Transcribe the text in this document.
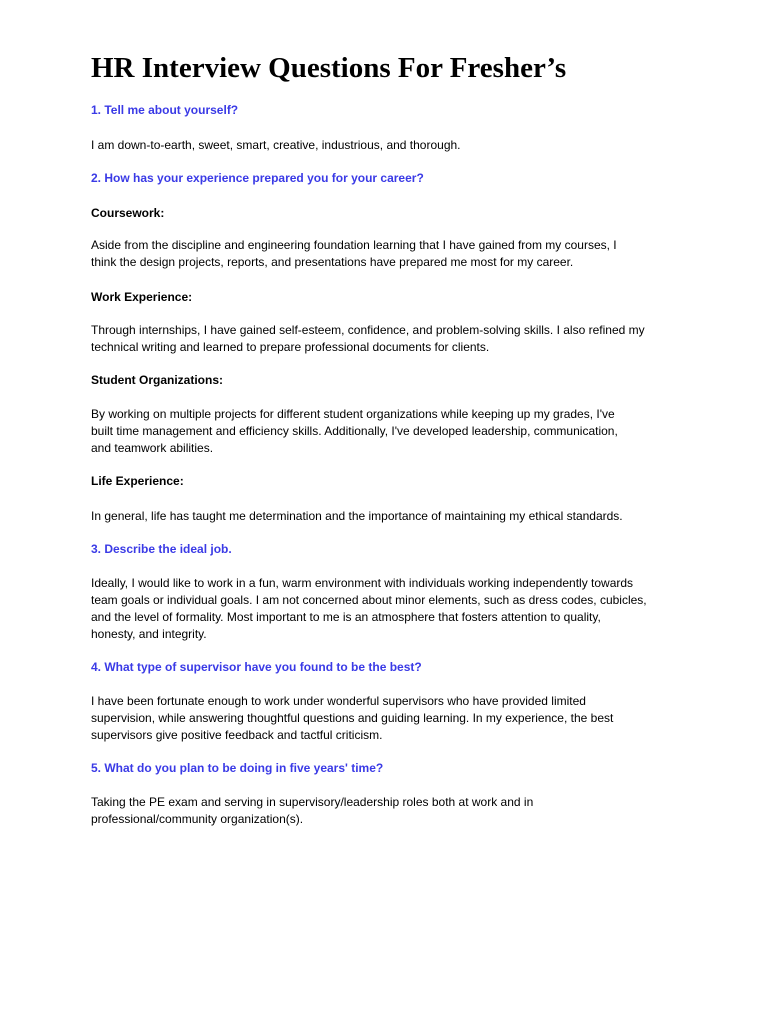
HR Interview Questions For Fresher’s

1. Tell me about yourself?

I am down-to-earth, sweet, smart, creative, industrious, and thorough.

2. How has your experience prepared you for your career?

Coursework:

Aside from the discipline and engineering foundation learning that I have gained from my courses, I
think the design projects, reports, and presentations have prepared me most for my career.

Work Experience:

Through internships, I have gained self-esteem, confidence, and problem-solving skills. I also refined my
technical writing and learned to prepare professional documents for clients.

Student Organizations:

By working on multiple projects for different student organizations while keeping up my grades, I've
built time management and efficiency skills. Additionally, I've developed leadership, communication,
and teamwork abilities.

Life Experience:

In general, life has taught me determination and the importance of maintaining my ethical standards.

3. Describe the ideal job.

Ideally, I would like to work in a fun, warm environment with individuals working independently towards
team goals or individual goals. I am not concerned about minor elements, such as dress codes, cubicles,
and the level of formality. Most important to me is an atmosphere that fosters attention to quality,
honesty, and integrity.

4. What type of supervisor have you found to be the best?

I have been fortunate enough to work under wonderful supervisors who have provided limited
supervision, while answering thoughtful questions and guiding learning. In my experience, the best
supervisors give positive feedback and tactful criticism.

5. What do you plan to be doing in five years' time?

Taking the PE exam and serving in supervisory/leadership roles both at work and in
professional/community organization(s).
